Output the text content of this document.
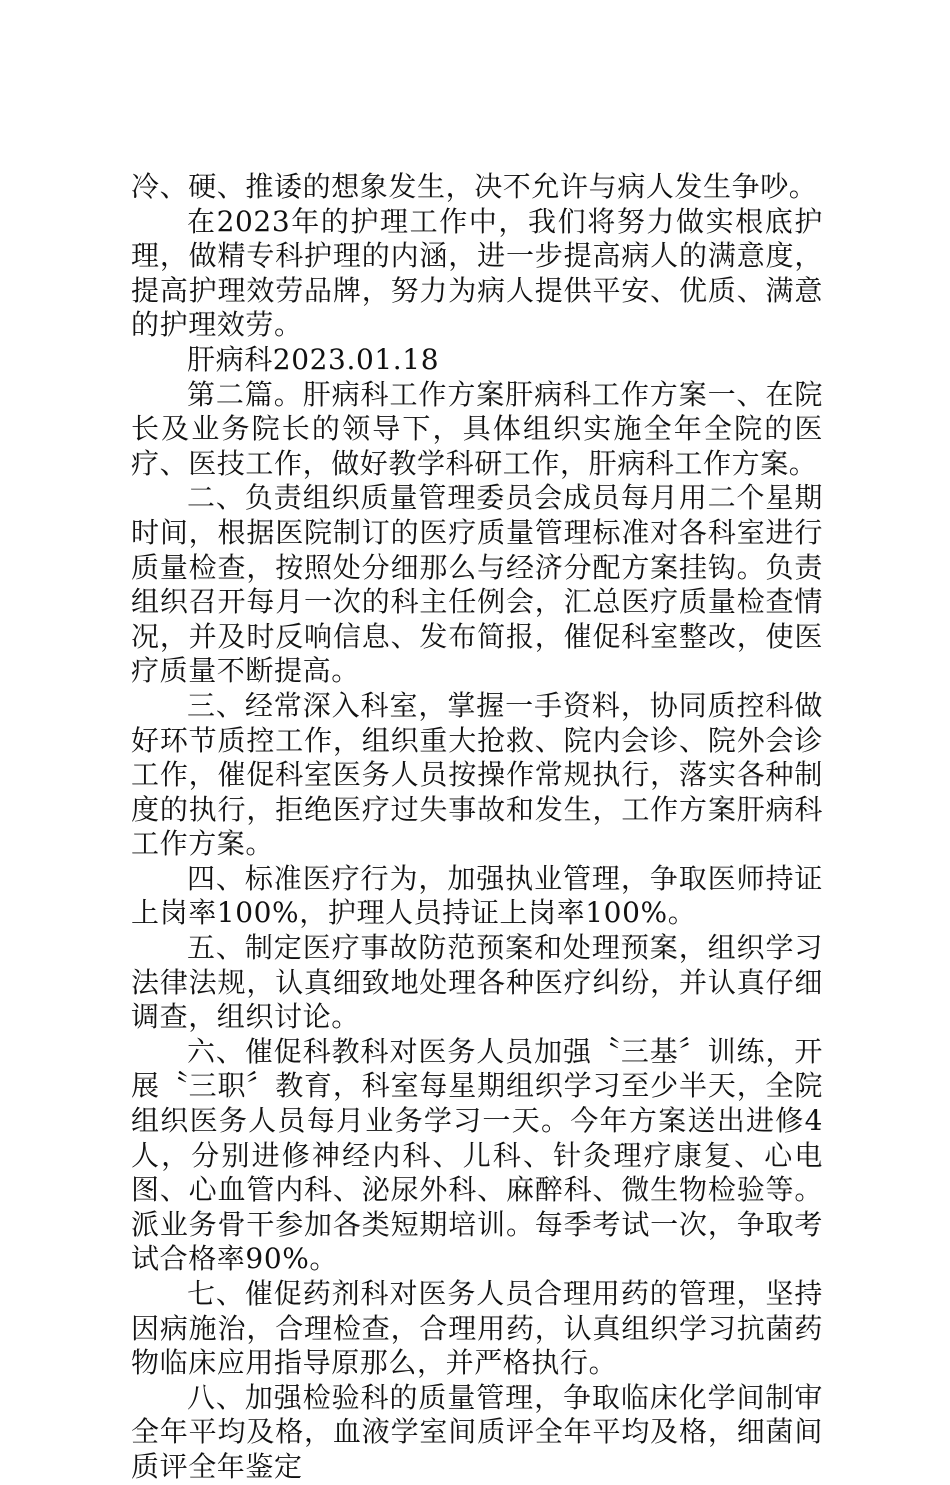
冷、硬、推诿的想象发生，决不允许与病人发生争吵。

在2023年的护理工作中，我们将努力做实根底护理，做精专科护理的内涵，进一步提高病人的满意度，提高护理效劳品牌，努力为病人提供平安、优质、满意的护理效劳。

肝病科2023.01.18

第二篇。肝病科工作方案肝病科工作方案一、在院长及业务院长的领导下，具体组织实施全年全院的医疗、医技工作，做好教学科研工作，肝病科工作方案。

二、负责组织质量管理委员会成员每月用二个星期时间，根据医院制订的医疗质量管理标准对各科室进行质量检查，按照处分细那么与经济分配方案挂钩。负责组织召开每月一次的科主任例会，汇总医疗质量检查情况，并及时反响信息、发布简报，催促科室整改，使医疗质量不断提高。

三、经常深入科室，掌握一手资料，协同质控科做好环节质控工作，组织重大抢救、院内会诊、院外会诊工作，催促科室医务人员按操作常规执行，落实各种制度的执行，拒绝医疗过失事故和发生，工作方案肝病科工作方案。

四、标准医疗行为，加强执业管理，争取医师持证上岗率100%，护理人员持证上岗率100%。

五、制定医疗事故防范预案和处理预案，组织学习法律法规，认真细致地处理各种医疗纠纷，并认真仔细调查，组织讨论。

六、催促科教科对医务人员加强〝三基〞训练，开展〝三职〞教育，科室每星期组织学习至少半天，全院组织医务人员每月业务学习一天。今年方案送出进修4人，分别进修神经内科、儿科、针灸理疗康复、心电图、心血管内科、泌尿外科、麻醉科、微生物检验等。派业务骨干参加各类短期培训。每季考试一次，争取考试合格率90%。

七、催促药剂科对医务人员合理用药的管理，坚持因病施治，合理检查，合理用药，认真组织学习抗菌药物临床应用指导原那么，并严格执行。

八、加强检验科的质量管理，争取临床化学间制审全年平均及格，血液学室间质评全年平均及格，细菌间质评全年鉴定
